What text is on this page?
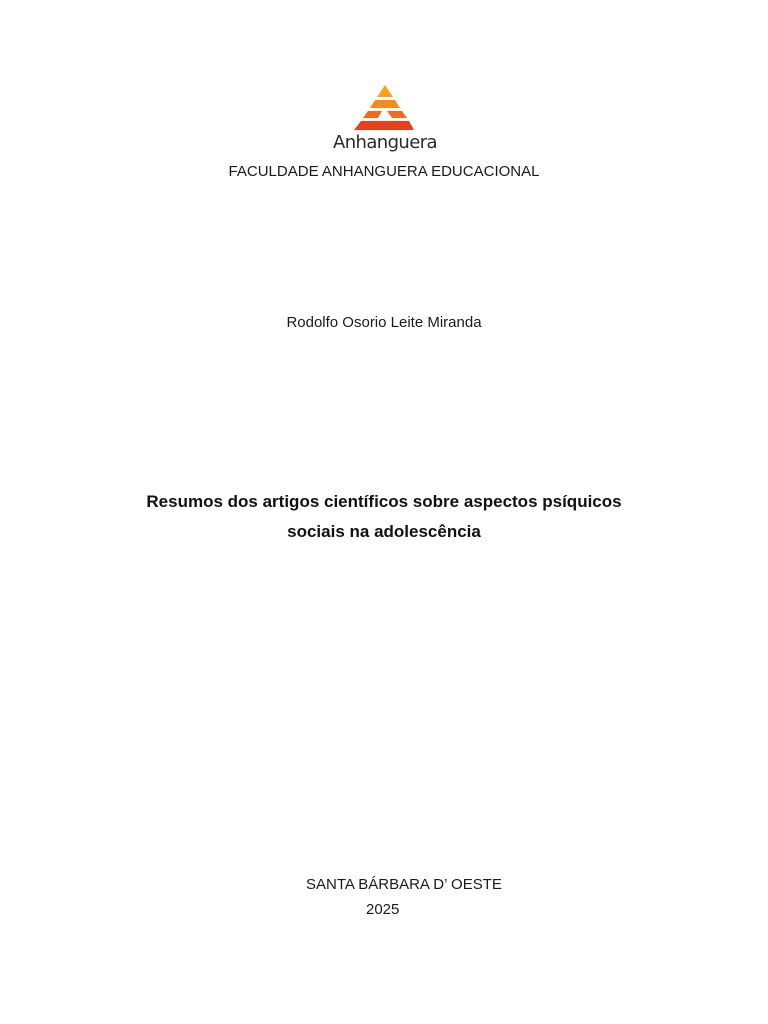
Anhanguera
FACULDADE ANHANGUERA EDUCACIONAL
Rodolfo Osorio Leite Miranda
Resumos dos artigos científicos sobre aspectos psíquicos
sociais na adolescência
SANTA BÁRBARA D’ OESTE
2025
